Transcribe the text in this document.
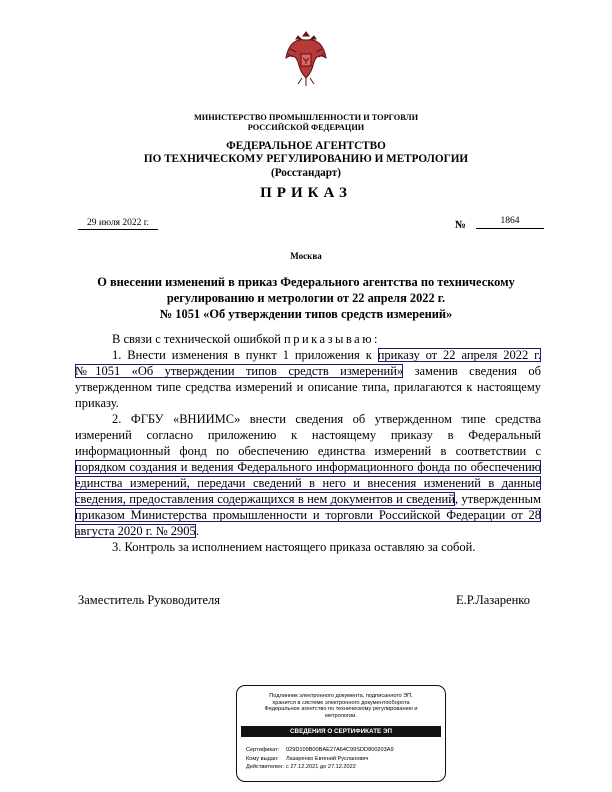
МИНИСТЕРСТВО ПРОМЫШЛЕННОСТИ И ТОРГОВЛИ
РОССИЙСКОЙ ФЕДЕРАЦИИ
ФЕДЕРАЛЬНОЕ АГЕНТСТВО
ПО ТЕХНИЧЕСКОМУ РЕГУЛИРОВАНИЮ И МЕТРОЛОГИИ
(Росстандарт)
ПРИКАЗ
29 июля 2022 г.	№	1864
Москва
О внесении изменений в приказ Федерального агентства по техническому
регулированию и метрологии от 22 апреля 2022 г.
№ 1051 «Об утверждении типов средств измерений»

В связи с технической ошибкой приказываю:

1. Внести изменения в пункт 1 приложения к приказу от 22 апреля 2022 г. №1051 «Об утверждении типов средств измерений» заменив сведения об утвержденном типе средства измерений и описание типа, прилагаются к настоящему приказу.

2. ФГБУ «ВНИИМС» внести сведения об утвержденном типе средства измерений согласно приложению к настоящему приказу в Федеральный информационный фонд по обеспечению единства измерений в соответствии с порядком создания и ведения Федерального информационного фонда по обеспечению единства измерений, передачи сведений в него и внесения изменений в данные сведения, предоставления содержащихся в нем документов и сведений, утвержденным приказом Министерства промышленности и торговли Российской Федерации от 28 августа 2020 г. № 2905.

3. Контроль за исполнением настоящего приказа оставляю за собой.

Заместитель Руководителя	Е.Р.Лазаренко
Подлинник электронного документа, подписанного ЭП,
хранится в системе электронного документооборота
Федеральное агентство по техническому регулированию и
метрологии.
СВЕДЕНИЯ О СЕРТИФИКАТЕ ЭП
Сертификат: 029D109B00BAE27A64C99SDD800203A9
Кому выдан: Лазаренко Евгений Русланович
Действителен: с 27.12.2021 до 27.12.2022
